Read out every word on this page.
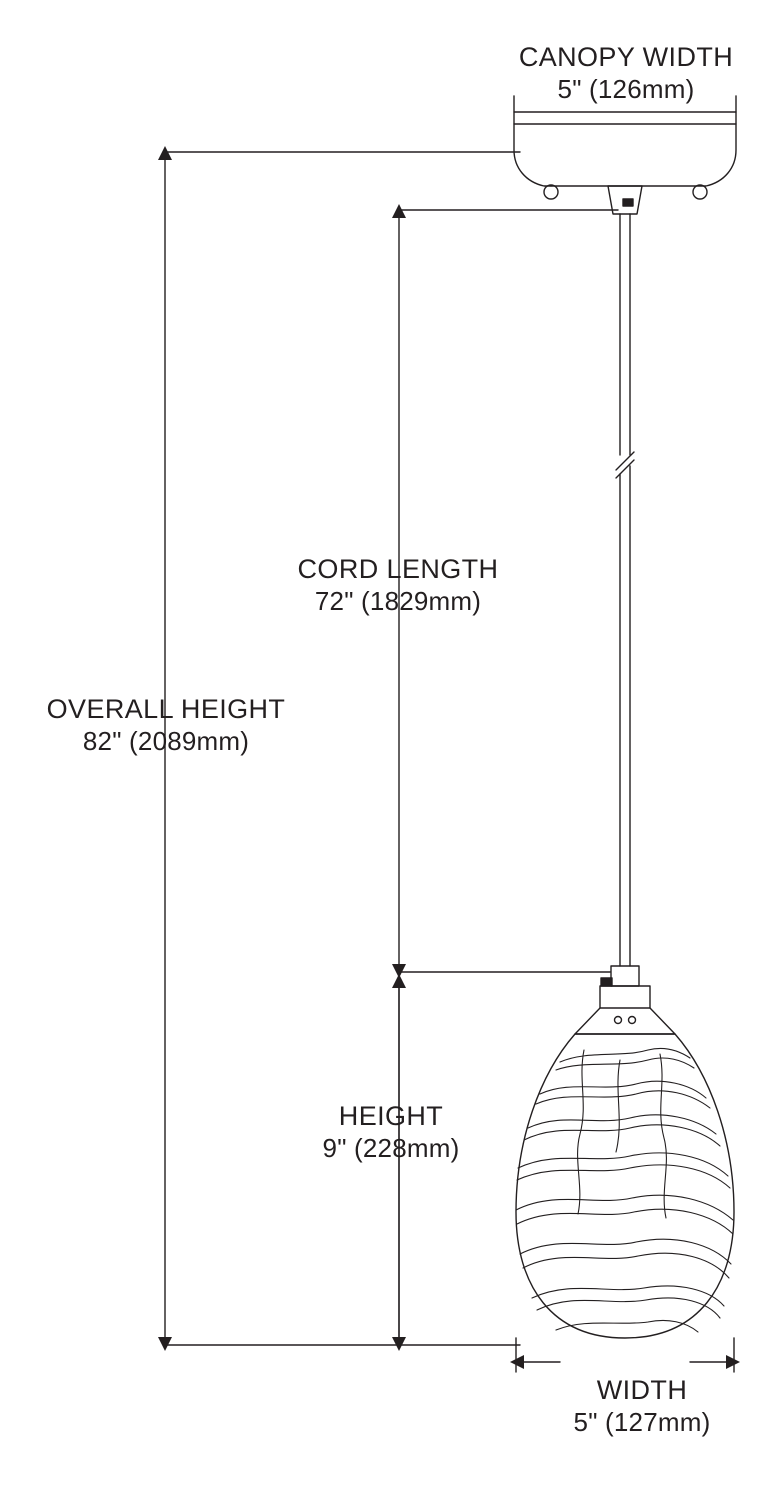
CANOPY WIDTH
5" (126mm)
CORD LENGTH
72" (1829mm)
OVERALL HEIGHT
82" (2089mm)
HEIGHT
9" (228mm)
WIDTH
5" (127mm)
